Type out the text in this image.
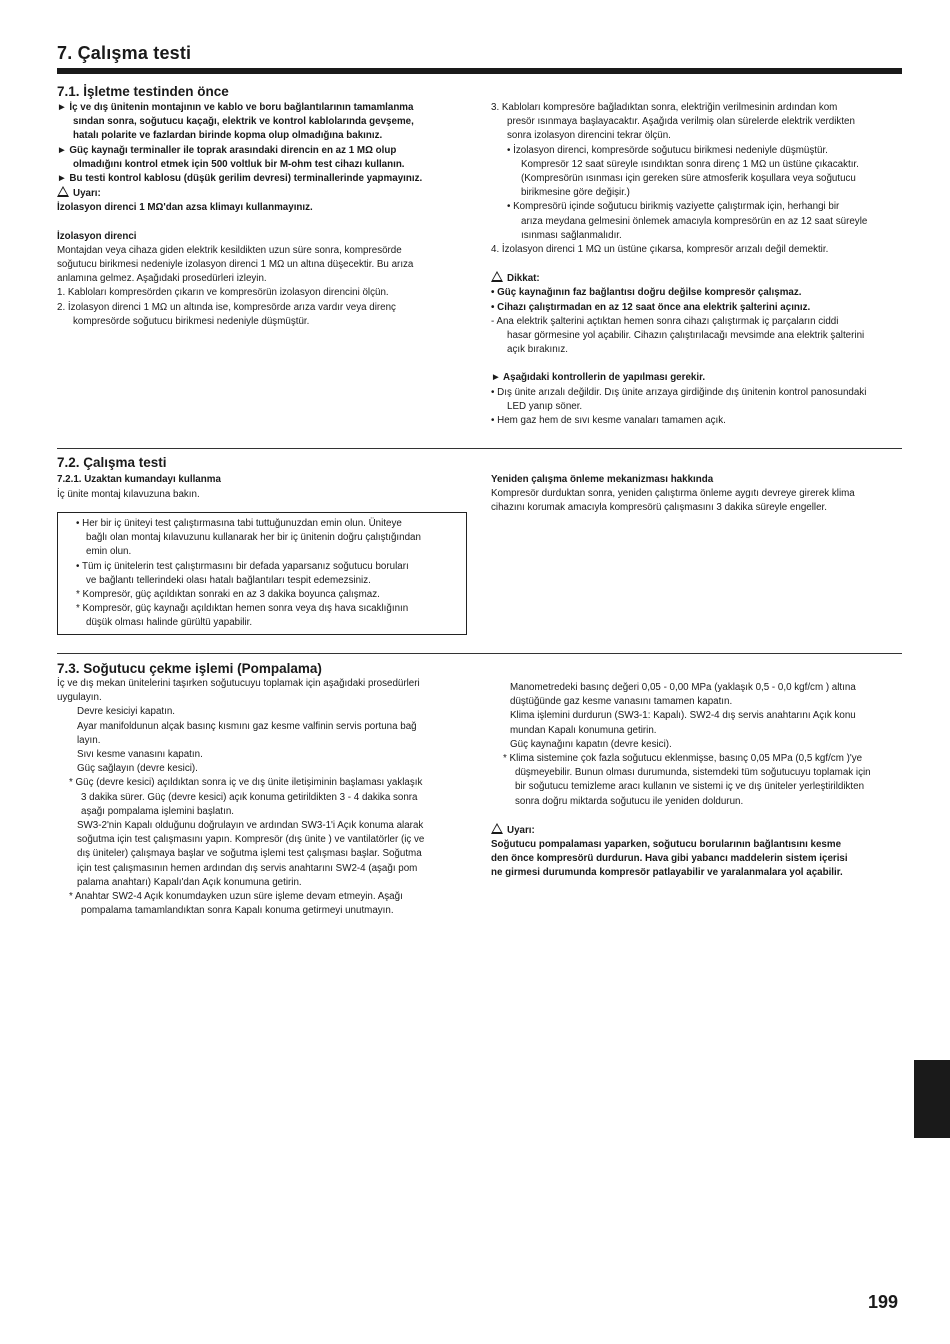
7. Çalışma testi
7.1. İşletme testinden önce

► İç ve dış ünitenin montajının ve kablo ve boru bağlantılarının tamamlanma

sından sonra, soğutucu kaçağı, elektrik ve kontrol kablolarında gevşeme,

hatalı polarite ve fazlardan birinde kopma olup olmadığına bakınız.

► Güç kaynağı terminaller ile toprak arasındaki direncin en az 1 MΩ olup

olmadığını kontrol etmek için 500 voltluk bir M-ohm test cihazı kullanın.

► Bu testi kontrol kablosu (düşük gerilim devresi) terminallerinde yapmayınız.

Uyarı:

İzolasyon direnci 1 MΩ'dan azsa klimayı kullanmayınız.

İzolasyon direnci

Montajdan veya cihaza giden elektrik kesildikten uzun süre sonra, kompresörde

soğutucu birikmesi nedeniyle izolasyon direnci 1 MΩ un altına düşecektir. Bu arıza

anlamına gelmez. Aşağıdaki prosedürleri izleyin.

1. Kabloları kompresörden çıkarın ve kompresörün izolasyon direncini ölçün.

2. İzolasyon direnci 1 MΩ un altında ise, kompresörde arıza vardır veya direnç

kompresörde soğutucu birikmesi nedeniyle düşmüştür.

3. Kabloları kompresöre bağladıktan sonra, elektriğin verilmesinin ardından kom

presör ısınmaya başlayacaktır. Aşağıda verilmiş olan sürelerde elektrik verdikten

sonra izolasyon direncini tekrar ölçün.

• İzolasyon direnci, kompresörde soğutucu birikmesi nedeniyle düşmüştür.

Kompresör 12 saat süreyle ısındıktan sonra direnç 1 MΩ un üstüne çıkacaktır.

(Kompresörün ısınması için gereken süre atmosferik koşullara veya soğutucu

birikmesine göre değişir.)

• Kompresörü içinde soğutucu birikmiş vaziyette çalıştırmak için, herhangi bir

arıza meydana gelmesini önlemek amacıyla kompresörün en az 12 saat süreyle

ısınması sağlanmalıdır.

4. İzolasyon direnci 1 MΩ un üstüne çıkarsa, kompresör arızalı değil demektir.

Dikkat:

• Güç kaynağının faz bağlantısı doğru değilse kompresör çalışmaz.

• Cihazı çalıştırmadan en az 12 saat önce ana elektrik şalterini açınız.

- Ana elektrik şalterini açtıktan hemen sonra cihazı çalıştırmak iç parçaların ciddi

hasar görmesine yol açabilir. Cihazın çalıştırılacağı mevsimde ana elektrik şalterini

açık bırakınız.

► Aşağıdaki kontrollerin de yapılması gerekir.

• Dış ünite arızalı değildir. Dış ünite arızaya girdiğinde dış ünitenin kontrol panosundaki

LED yanıp söner.

• Hem gaz hem de sıvı kesme vanaları tamamen açık.

7.2. Çalışma testi
7.2.1. Uzaktan kumandayı kullanma
İç ünite montaj kılavuzuna bakın.

• Her bir iç üniteyi test çalıştırmasına tabi tuttuğunuzdan emin olun. Üniteye

bağlı olan montaj kılavuzunu kullanarak her bir iç ünitenin doğru çalıştığından

emin olun.

• Tüm iç ünitelerin test çalıştırmasını bir defada yaparsanız soğutucu boruları

ve bağlantı tellerindeki olası hatalı bağlantıları tespit edemezsiniz.

* Kompresör, güç açıldıktan sonraki en az 3 dakika boyunca çalışmaz.

* Kompresör, güç kaynağı açıldıktan hemen sonra veya dış hava sıcaklığının

düşük olması halinde gürültü yapabilir.

Yeniden çalışma önleme mekanizması hakkında

Kompresör durduktan sonra, yeniden çalıştırma önleme aygıtı devreye girerek klima

cihazını korumak amacıyla kompresörü çalışmasını 3 dakika süreyle engeller.

7.3. Soğutucu çekme işlemi (Pompalama)

İç ve dış mekan ünitelerini taşırken soğutucuyu toplamak için aşağıdaki prosedürleri

uygulayın.

Devre kesiciyi kapatın.

Ayar manifoldunun alçak basınç kısmını gaz kesme valfinin servis portuna bağ

layın.

Sıvı kesme vanasını kapatın.

Güç sağlayın (devre kesici).

* Güç (devre kesici) açıldıktan sonra iç ve dış ünite iletişiminin başlaması yaklaşık

3 dakika sürer. Güç (devre kesici) açık konuma getirildikten 3 - 4 dakika sonra

aşağı pompalama işlemini başlatın.

SW3-2'nin Kapalı olduğunu doğrulayın ve ardından SW3-1'i Açık konuma alarak

soğutma için test çalışmasını yapın. Kompresör (dış ünite ) ve vantilatörler (iç ve

dış üniteler) çalışmaya başlar ve soğutma işlemi test çalışması başlar. Soğutma

için test çalışmasının hemen ardından dış servis anahtarını SW2-4 (aşağı pom

palama anahtarı) Kapalı'dan Açık konumuna getirin.

* Anahtar SW2-4 Açık konumdayken uzun süre işleme devam etmeyin. Aşağı

pompalama tamamlandıktan sonra Kapalı konuma getirmeyi unutmayın.

Manometredeki basınç değeri 0,05 - 0,00 MPa (yaklaşık 0,5 - 0,0 kgf/cm ) altına

düştüğünde gaz kesme vanasını tamamen kapatın.

Klima işlemini durdurun (SW3-1: Kapalı). SW2-4 dış servis anahtarını Açık konu

mundan Kapalı konumuna getirin.

Güç kaynağını kapatın (devre kesici).

* Klima sistemine çok fazla soğutucu eklenmişse, basınç 0,05 MPa (0,5 kgf/cm )'ye

düşmeyebilir. Bunun olması durumunda, sistemdeki tüm soğutucuyu toplamak için

bir soğutucu temizleme aracı kullanın ve sistemi iç ve dış üniteler yerleştirildikten

sonra doğru miktarda soğutucu ile yeniden doldurun.

Uyarı:

Soğutucu pompalaması yaparken, soğutucu borularının bağlantısını kesme

den önce kompresörü durdurun. Hava gibi yabancı maddelerin sistem içerisi

ne girmesi durumunda kompresör patlayabilir ve yaralanmalara yol açabilir.

199
